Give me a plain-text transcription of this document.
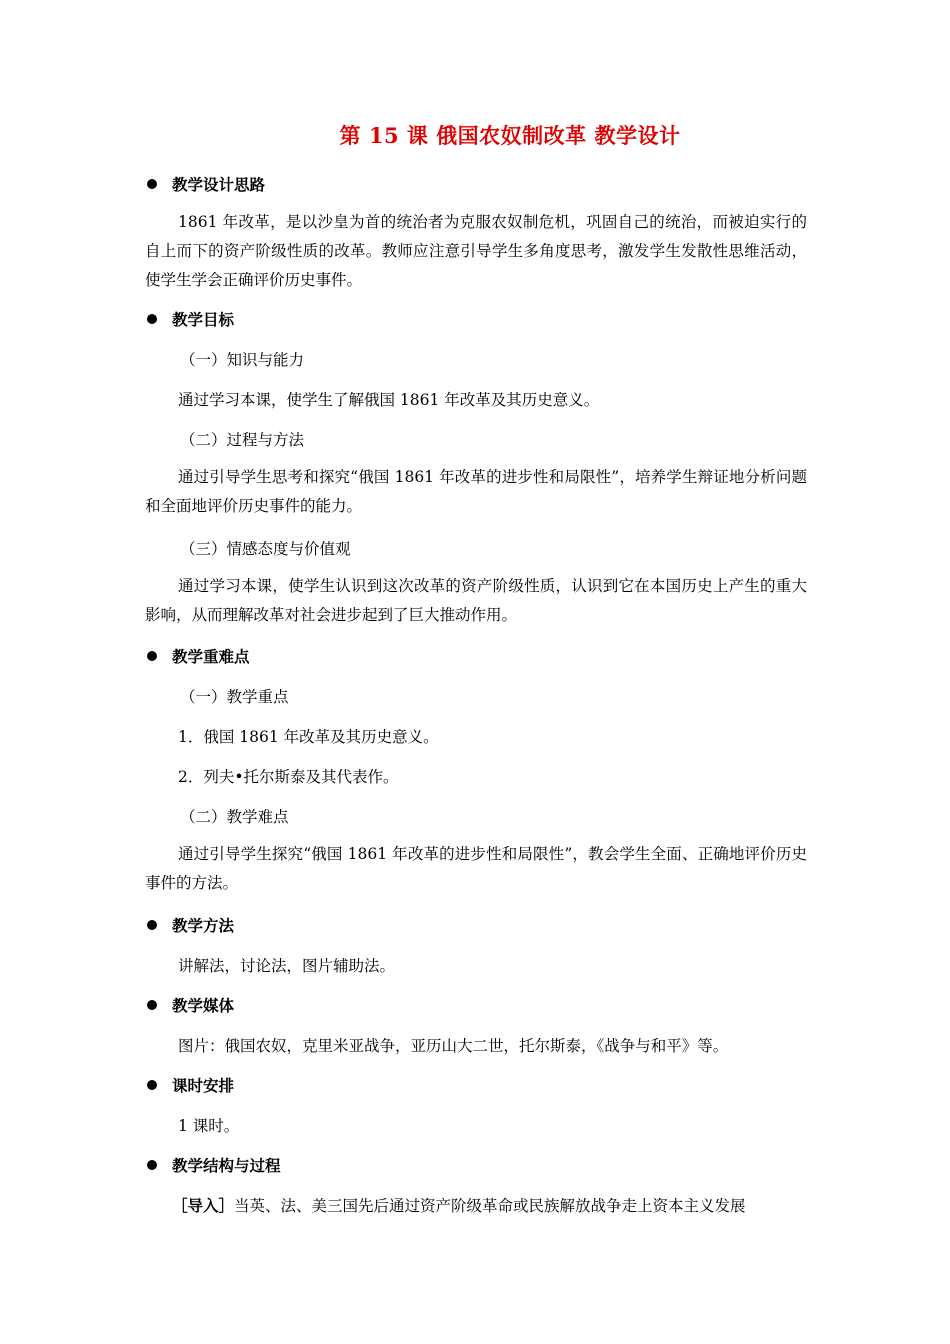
第 15 课 俄国农奴制改革 教学设计
教学设计思路
1861 年改革，是以沙皇为首的统治者为克服农奴制危机，巩固自己的统治，而被迫实行的自上而下的资产阶级性质的改革。教师应注意引导学生多角度思考，激发学生发散性思维活动，使学生学会正确评价历史事件。
教学目标
（一）知识与能力
通过学习本课，使学生了解俄国 1861 年改革及其历史意义。
（二）过程与方法
通过引导学生思考和探究“俄国 1861 年改革的进步性和局限性”，培养学生辩证地分析问题和全面地评价历史事件的能力。
（三）情感态度与价值观
通过学习本课，使学生认识到这次改革的资产阶级性质，认识到它在本国历史上产生的重大影响，从而理解改革对社会进步起到了巨大推动作用。
教学重难点
（一）教学重点
1．俄国 1861 年改革及其历史意义。
2．列夫•托尔斯泰及其代表作。
（二）教学难点
通过引导学生探究“俄国 1861 年改革的进步性和局限性”，教会学生全面、正确地评价历史事件的方法。
教学方法
讲解法，讨论法，图片辅助法。
教学媒体
图片：俄国农奴，克里米亚战争，亚历山大二世，托尔斯泰，《战争与和平》等。
课时安排
1 课时。
教学结构与过程
［导入］当英、法、美三国先后通过资产阶级革命或民族解放战争走上资本主义发展
